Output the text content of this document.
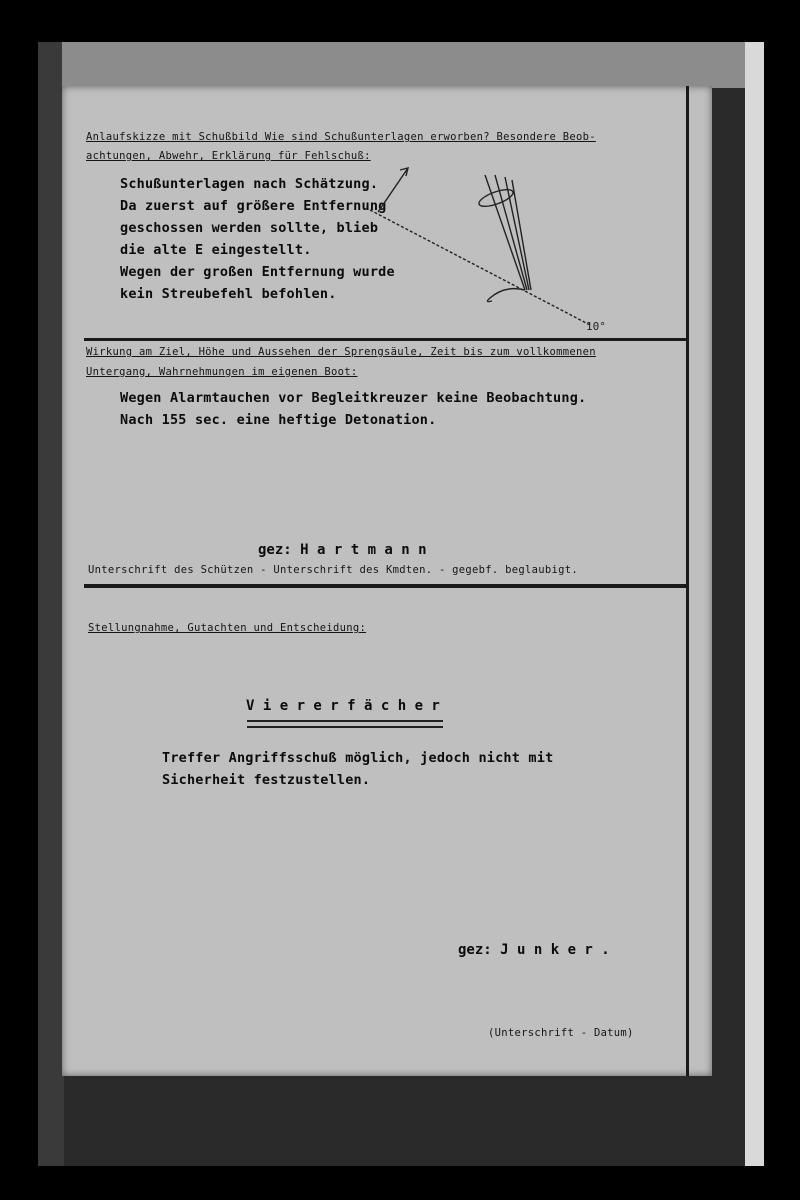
Anlaufskizze mit Schußbild Wie sind Schußunterlagen erworben? Besondere Beob-
achtungen, Abwehr, Erklärung für Fehlschuß:
Schußunterlagen nach Schätzung.
Da zuerst auf größere Entfernung
geschossen werden sollte, blieb
die alte E eingestellt.
Wegen der großen Entfernung wurde
kein Streubefehl befohlen.
10°
Wirkung am Ziel, Höhe und Aussehen der Sprengsäule, Zeit bis zum vollkommenen
Untergang, Wahrnehmungen im eigenen Boot:
Wegen Alarmtauchen vor Begleitkreuzer keine Beobachtung.
Nach 155 sec. eine heftige Detonation.
gez: H a r t m a n n
Unterschrift des Schützen - Unterschrift des Kmdten. - gegebf. beglaubigt.
Stellungnahme, Gutachten und Entscheidung:
V i e r e r f ä c h e r
Treffer Angriffsschuß möglich, jedoch nicht mit
Sicherheit festzustellen.
gez: J u n k e r .
(Unterschrift - Datum)
